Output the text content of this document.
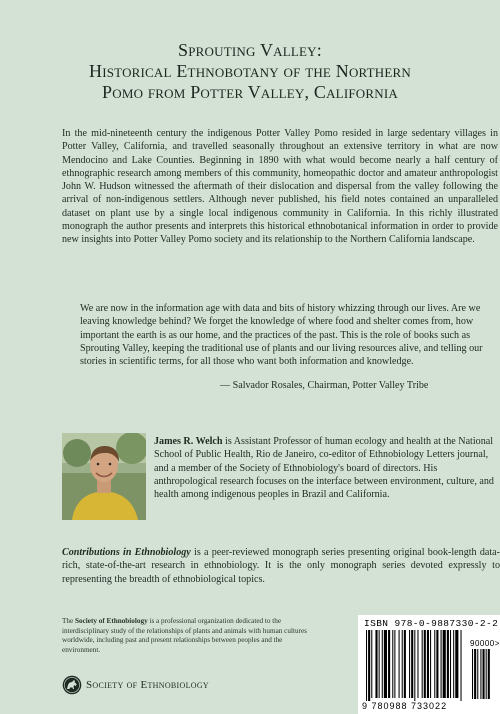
Sprouting Valley:
Historical Ethnobotany of the Northern
Pomo from Potter Valley, California

In the mid-nineteenth century the indigenous Potter Valley Pomo resided in large sedentary villages in Potter Valley, California, and travelled seasonally throughout an extensive territory in what are now Mendocino and Lake Counties. Beginning in 1890 with what would become nearly a half century of ethnographic research among members of this community, homeopathic doctor and amateur anthropologist John W. Hudson witnessed the aftermath of their dislocation and dispersal from the valley following the arrival of non-indigenous settlers. Although never published, his field notes contained an unparalleled dataset on plant use by a single local indigenous community in California. In this richly illustrated monograph the author presents and interprets this historical ethnobotanical information in order to provide new insights into Potter Valley Pomo society and its relationship to the Northern California landscape.

We are now in the information age with data and bits of history whizzing through our lives. Are we leaving knowledge behind? We forget the knowledge of where food and shelter comes from, how important the earth is as our home, and the practices of the past. This is the role of books such as Sprouting Valley, keeping the traditional use of plants and our living resources alive, and telling our stories in scientific terms, for all those who want both information and knowledge.

— Salvador Rosales, Chairman, Potter Valley Tribe

James R. Welch is Assistant Professor of human ecology and health at the National School of Public Health, Rio de Janeiro, co-editor of Ethnobiology Letters journal, and a member of the Society of Ethnobiology's board of directors. His anthropological research focuses on the interface between environment, culture, and health among indigenous peoples in Brazil and California.

Contributions in Ethnobiology is a peer-reviewed monograph series presenting original book-length data-rich, state-of-the-art research in ethnobiology. It is the only monograph series devoted expressly to representing the breadth of ethnobiological topics.

The Society of Ethnobiology is a professional organization dedicated to the interdisciplinary study of the relationships of plants and animals with human cultures worldwide, including past and present relationships between peoples and the environment.

Society of Ethnobiology
ISBN 978-0-9887330-2-2
90000>
9 780988 733022
